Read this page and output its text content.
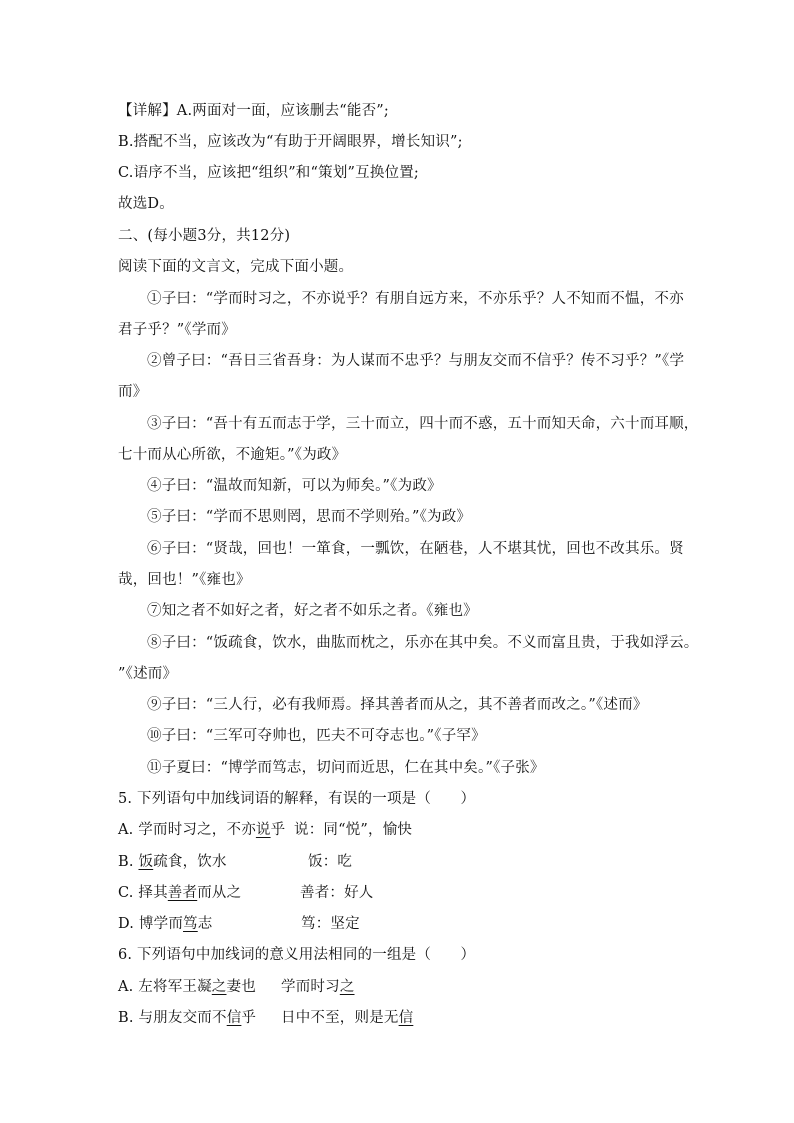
【详解】A.两面对一面，应该删去“能否”;
B.搭配不当，应该改为“有助于开阔眼界，增长知识”;
C.语序不当，应该把“组织”和“策划”互换位置;
故选D。
二、(每小题3分，共12分)
阅读下面的文言文，完成下面小题。
①子曰：“学而时习之，不亦说乎？有朋自远方来，不亦乐乎？人不知而不愠，不亦
君子乎？”《学而》
②曾子曰：“吾日三省吾身：为人谋而不忠乎？与朋友交而不信乎？传不习乎？”《学
而》
③子曰：“吾十有五而志于学，三十而立，四十而不惑，五十而知天命，六十而耳顺，
七十而从心所欲，不逾矩。”《为政》
④子曰：“温故而知新，可以为师矣。”《为政》
⑤子曰：“学而不思则罔，思而不学则殆。”《为政》
⑥子曰：“贤哉，回也！一箪食，一瓢饮，在陋巷，人不堪其忧，回也不改其乐。贤
哉，回也！”《雍也》
⑦知之者不如好之者，好之者不如乐之者。《雍也》
⑧子曰：“饭疏食，饮水，曲肱而枕之，乐亦在其中矣。不义而富且贵，于我如浮云。
”《述而》
⑨子曰：“三人行，必有我师焉。择其善者而从之，其不善者而改之。”《述而》
⑩子曰：“三军可夺帅也，匹夫不可夺志也。”《子罕》
⑪子夏曰：“博学而笃志，切问而近思，仁在其中矣。”《子张》
5. 下列语句中加线词语的解释，有误的一项是（　　）
A. 学而时习之，不亦说乎 说：同“悦”，愉快
B. 饭疏食，饮水	饭：吃
C. 择其善者而从之	善者：好人
D. 博学而笃志	笃：坚定
6. 下列语句中加线词的意义用法相同的一组是（　　）
A. 左将军王凝之妻也 学而时习之
B. 与朋友交而不信乎 日中不至，则是无信
